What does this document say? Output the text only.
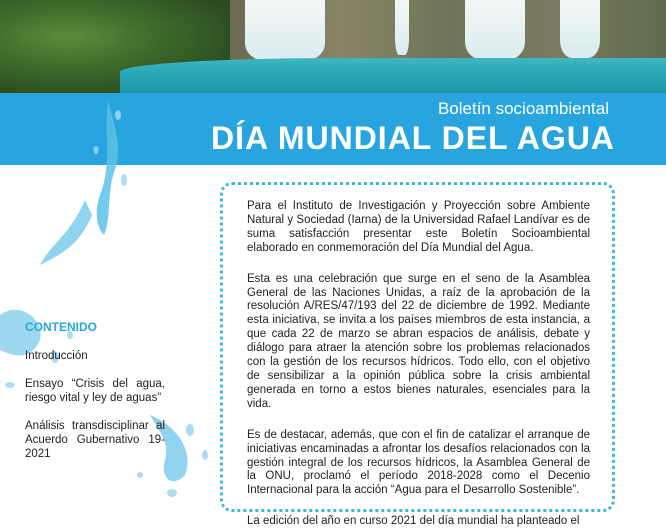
Boletín socioambiental
DÍA MUNDIAL DEL AGUA
CONTENIDO
Introducción
Ensayo “Crisis del agua, riesgo vital y ley de aguas”
Análisis transdisciplinar al Acuerdo Gubernativo 19-2021

Para el Instituto de Investigación y Proyección sobre Ambiente Natural y Sociedad (Iarna) de la Universidad Rafael Landívar es de suma satisfacción presentar este Boletín Socioambiental elaborado en conmemoración del Día Mundial del Agua.

Esta es una celebración que surge en el seno de la Asamblea General de las Naciones Unidas, a raíz de la aprobación de la resolución A/RES/47/193 del 22 de diciembre de 1992. Mediante esta iniciativa, se invita a los países miembros de esta instancia, a que cada 22 de marzo se abran espacios de análisis, debate y diálogo para atraer la atención sobre los problemas relacionados con la gestión de los recursos hídricos. Todo ello, con el objetivo de sensibilizar a la opinión pública sobre la crisis ambiental generada en torno a estos bienes naturales, esenciales para la vida.

Es de destacar, además, que con el fin de catalizar el arranque de iniciativas encaminadas a afrontar los desafíos relacionados con la gestión integral de los recursos hídricos, la Asamblea General de la ONU, proclamó el período 2018-2028 como el Decenio Internacional para la acción “Agua para el Desarrollo Sostenible”.

La edición del año en curso 2021 del día mundial ha planteado el
